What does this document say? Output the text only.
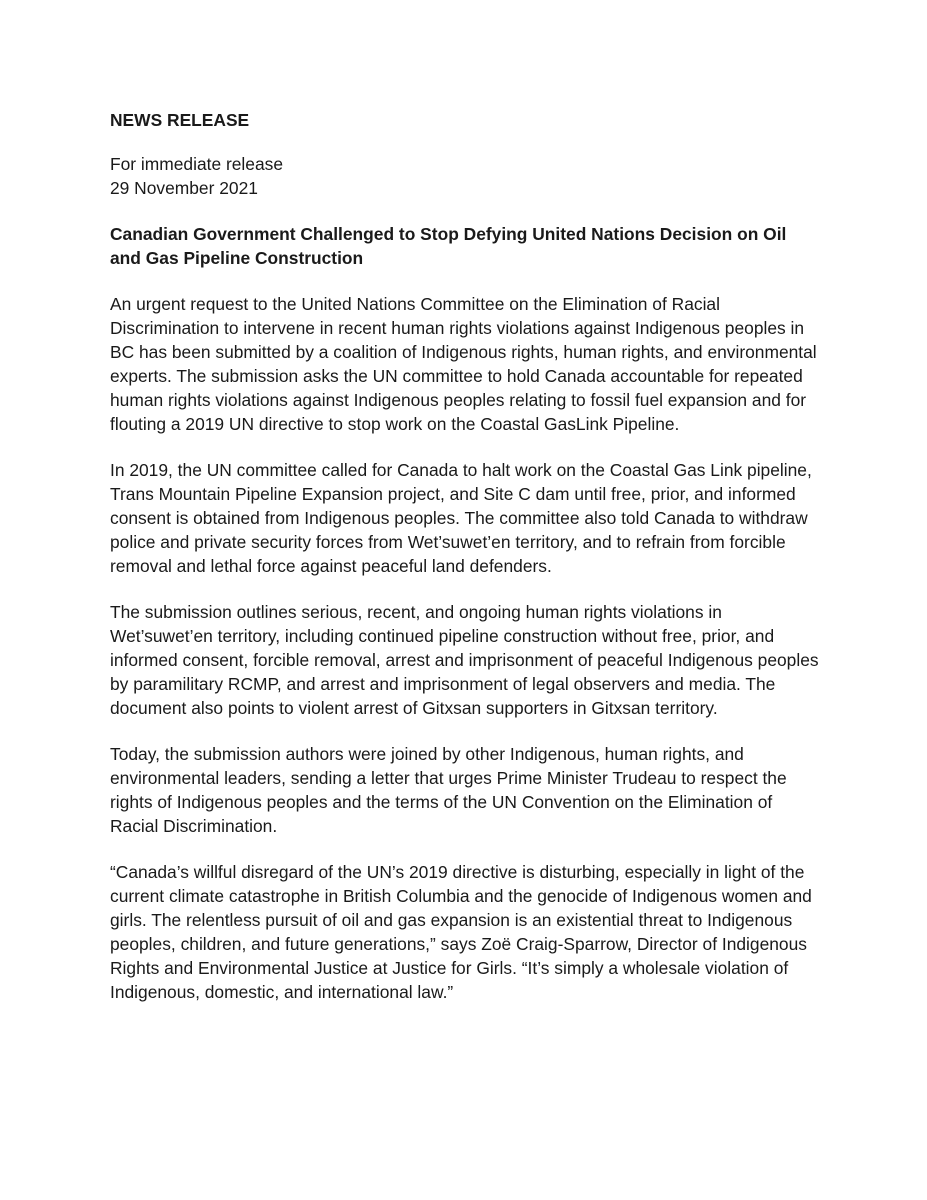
NEWS RELEASE
For immediate release
29 November 2021
Canadian Government Challenged to Stop Defying United Nations Decision on Oil and Gas Pipeline Construction

An urgent request to the United Nations Committee on the Elimination of Racial Discrimination to intervene in recent human rights violations against Indigenous peoples in BC has been submitted by a coalition of Indigenous rights, human rights, and environmental experts. The submission asks the UN committee to hold Canada accountable for repeated human rights violations against Indigenous peoples relating to fossil fuel expansion and for flouting a 2019 UN directive to stop work on the Coastal GasLink Pipeline.

In 2019, the UN committee called for Canada to halt work on the Coastal Gas Link pipeline, Trans Mountain Pipeline Expansion project, and Site C dam until free, prior, and informed consent is obtained from Indigenous peoples. The committee also told Canada to withdraw police and private security forces from Wet’suwet’en territory, and to refrain from forcible removal and lethal force against peaceful land defenders.

The submission outlines serious, recent, and ongoing human rights violations in Wet’suwet’en territory, including continued pipeline construction without free, prior, and informed consent, forcible removal, arrest and imprisonment of peaceful Indigenous peoples by paramilitary RCMP, and arrest and imprisonment of legal observers and media. The document also points to violent arrest of Gitxsan supporters in Gitxsan territory.

Today, the submission authors were joined by other Indigenous, human rights, and environmental leaders, sending a letter that urges Prime Minister Trudeau to respect the rights of Indigenous peoples and the terms of the UN Convention on the Elimination of Racial Discrimination.

“Canada’s willful disregard of the UN’s 2019 directive is disturbing, especially in light of the current climate catastrophe in British Columbia and the genocide of Indigenous women and girls. The relentless pursuit of oil and gas expansion is an existential threat to Indigenous peoples, children, and future generations,” says Zoë Craig-Sparrow, Director of Indigenous Rights and Environmental Justice at Justice for Girls. “It’s simply a wholesale violation of Indigenous, domestic, and international law.”
